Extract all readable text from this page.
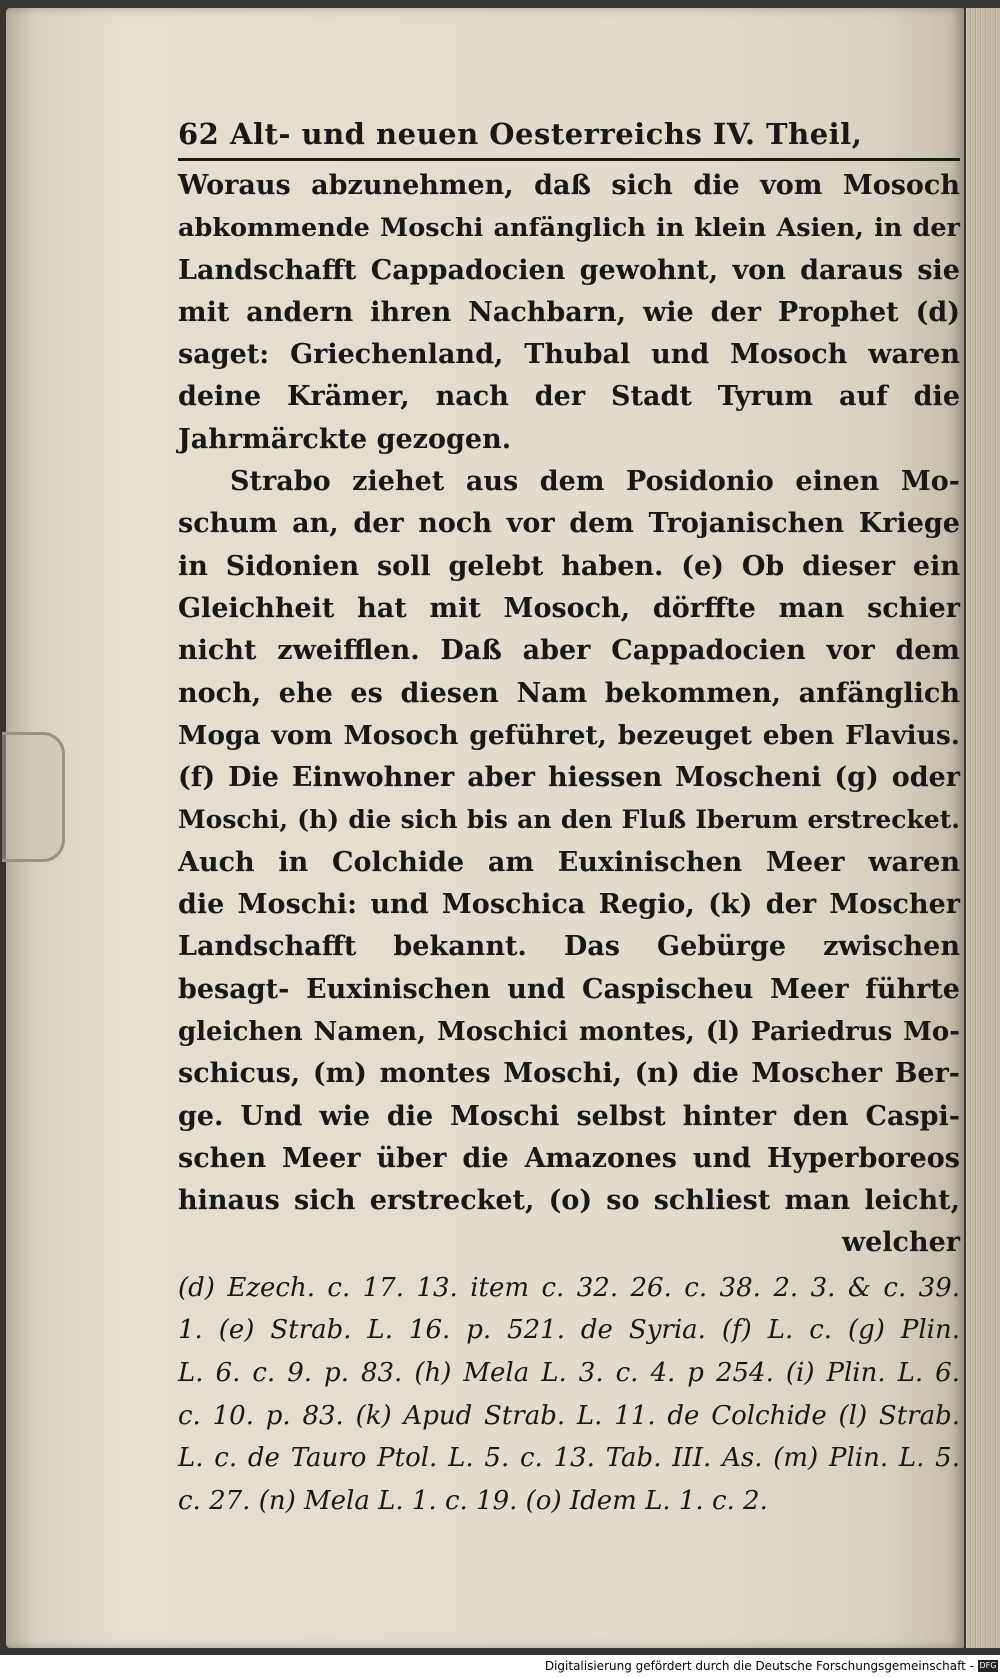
62 Alt- und neuen Oesterreichs IV. Theil,
Woraus abzunehmen, daß sich die vom Mosoch
abkommende Moschi anfänglich in klein Asien, in der
Landschafft Cappadocien gewohnt, von daraus sie
mit andern ihren Nachbarn, wie der Prophet (d)
saget: Griechenland, Thubal und Mosoch waren
deine Krämer, nach der Stadt Tyrum auf die
Jahrmärckte gezogen.
Strabo ziehet aus dem Posidonio einen Mo-
schum an, der noch vor dem Trojanischen Kriege
in Sidonien soll gelebt haben. (e) Ob dieser ein
Gleichheit hat mit Mosoch, dörffte man schier
nicht zweifflen. Daß aber Cappadocien vor dem
noch, ehe es diesen Nam bekommen, anfänglich
Moga vom Mosoch geführet, bezeuget eben Flavius.
(f) Die Einwohner aber hiessen Moscheni (g) oder
Moschi, (h) die sich bis an den Fluß Iberum erstrecket.
Auch in Colchide am Euxinischen Meer waren
die Moschi: und Moschica Regio, (k) der Moscher
Landschafft bekannt. Das Gebürge zwischen
besagt- Euxinischen und Caspischeu Meer führte
gleichen Namen, Moschici montes, (l) Pariedrus Mo-
schicus, (m) montes Moschi, (n) die Moscher Ber-
ge. Und wie die Moschi selbst hinter den Caspi-
schen Meer über die Amazones und Hyperboreos
hinaus sich erstrecket, (o) so schliest man leicht,
welcher
(d) Ezech. c. 17. 13. item c. 32. 26. c. 38. 2. 3. & c. 39.
1. (e) Strab. L. 16. p. 521. de Syria. (f) L. c. (g) Plin.
L. 6. c. 9. p. 83. (h) Mela L. 3. c. 4. p 254. (i) Plin. L. 6.
c. 10. p. 83. (k) Apud Strab. L. 11. de Colchide (l) Strab.
L. c. de Tauro Ptol. L. 5. c. 13. Tab. III. As. (m) Plin. L. 5.
c. 27. (n) Mela L. 1. c. 19. (o) Idem L. 1. c. 2.
Digitalisierung gefördert durch die Deutsche Forschungsgemeinschaft - DFG
